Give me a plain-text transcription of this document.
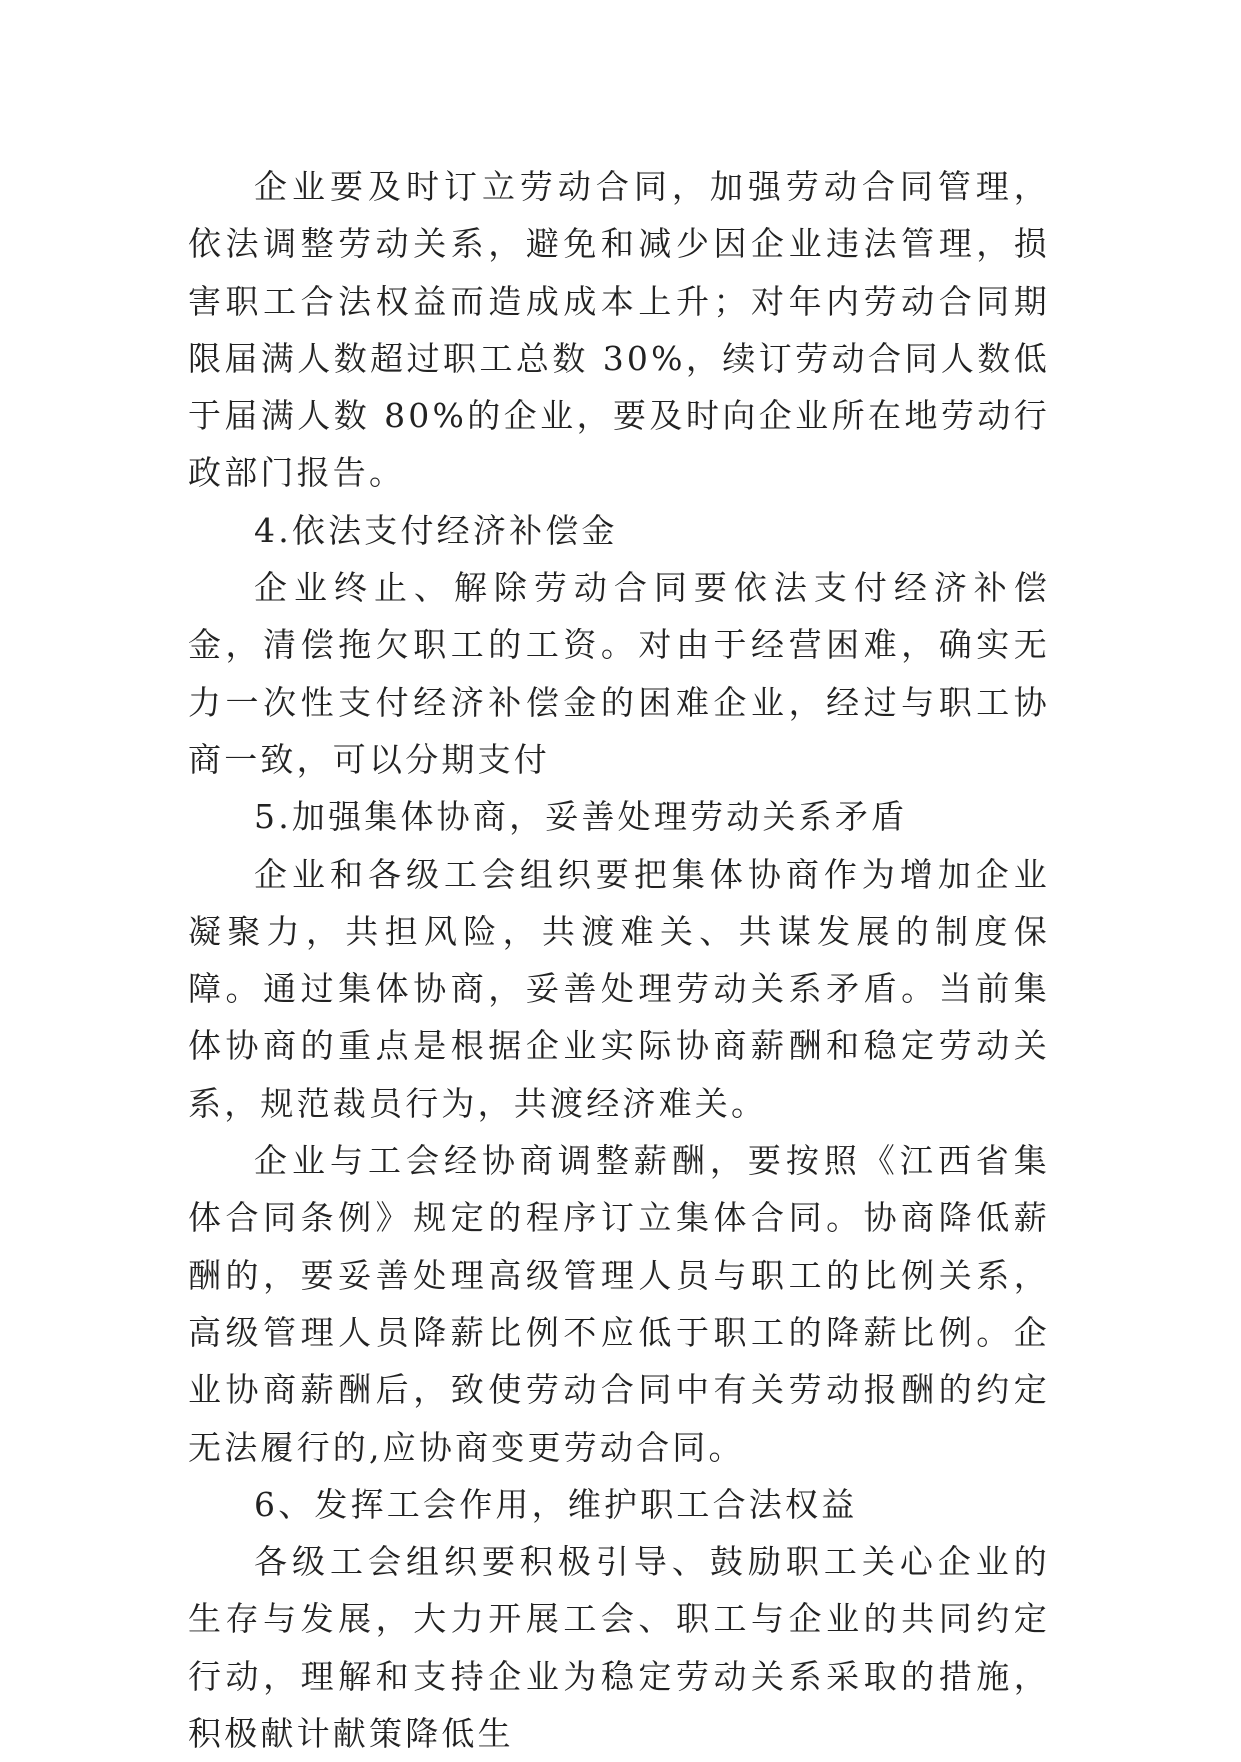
企业要及时订立劳动合同，加强劳动合同管理，依法调整劳动关系，避免和减少因企业违法管理，损害职工合法权益而造成成本上升；对年内劳动合同期限届满人数超过职工总数 30%，续订劳动合同人数低于届满人数 80%的企业，要及时向企业所在地劳动行政部门报告。

4.依法支付经济补偿金

企业终止、解除劳动合同要依法支付经济补偿金，清偿拖欠职工的工资。对由于经营困难，确实无力一次性支付经济补偿金的困难企业，经过与职工协商一致，可以分期支付

5.加强集体协商，妥善处理劳动关系矛盾

企业和各级工会组织要把集体协商作为增加企业凝聚力，共担风险，共渡难关、共谋发展的制度保障。通过集体协商，妥善处理劳动关系矛盾。当前集体协商的重点是根据企业实际协商薪酬和稳定劳动关系，规范裁员行为，共渡经济难关。

企业与工会经协商调整薪酬，要按照《江西省集体合同条例》规定的程序订立集体合同。协商降低薪酬的，要妥善处理高级管理人员与职工的比例关系，高级管理人员降薪比例不应低于职工的降薪比例。企业协商薪酬后，致使劳动合同中有关劳动报酬的约定无法履行的,应协商变更劳动合同。

6、发挥工会作用，维护职工合法权益

各级工会组织要积极引导、鼓励职工关心企业的生存与发展，大力开展工会、职工与企业的共同约定行动，理解和支持企业为稳定劳动关系采取的措施，积极献计献策降低生
